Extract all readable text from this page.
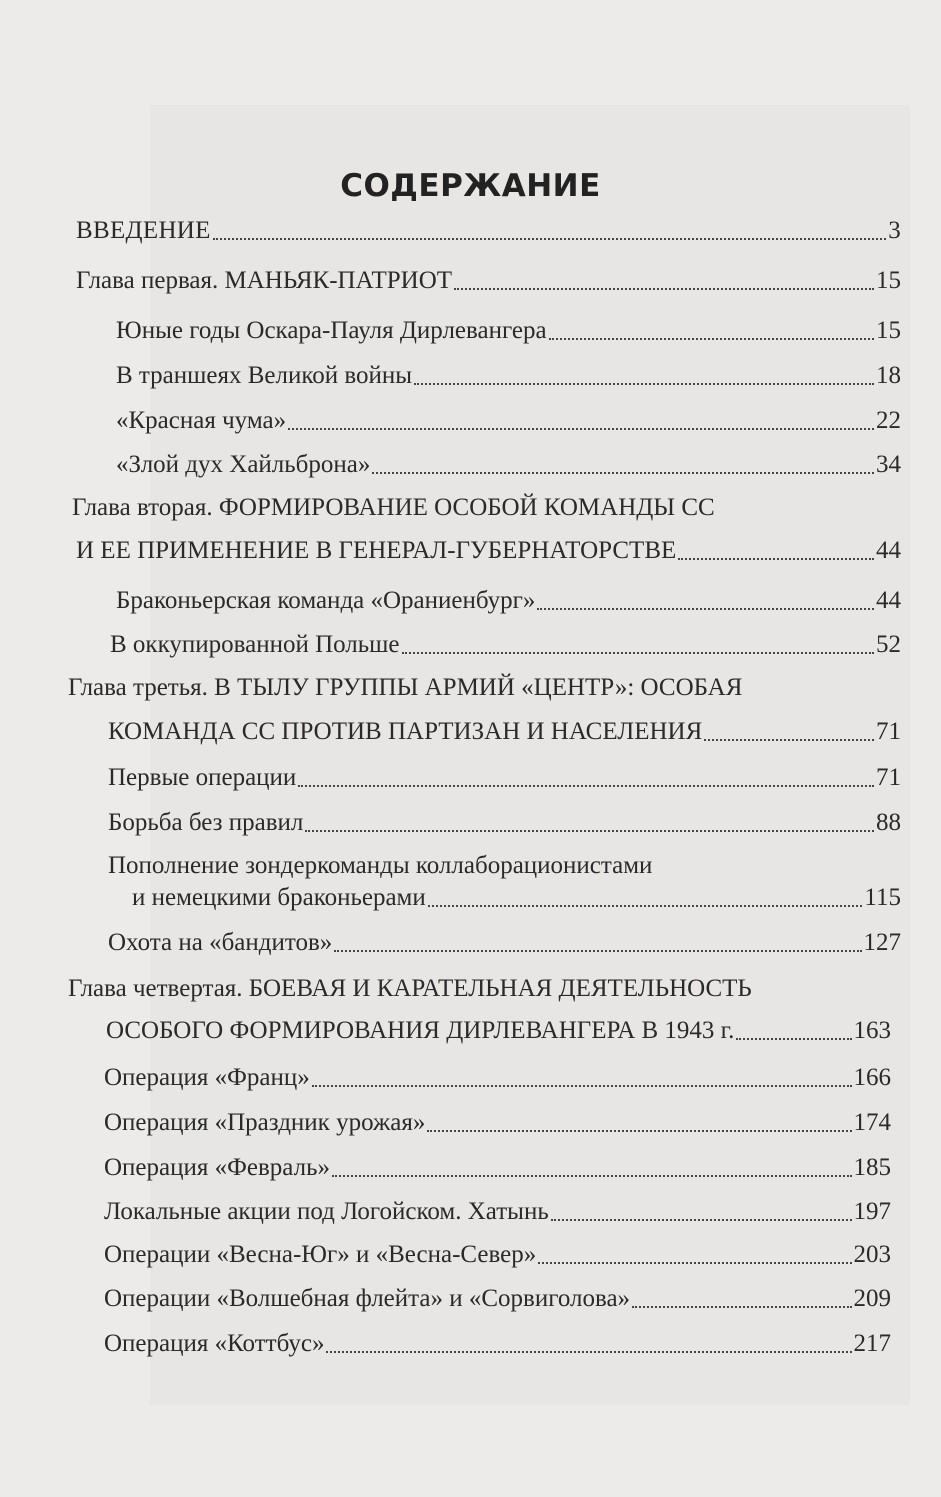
СОДЕРЖАНИЕ
ВВЕДЕНИЕ	3
Глава первая. МАНЬЯК-ПАТРИОТ	15
Юные годы Оскара-Пауля Дирлевангера	15
В траншеях Великой войны	18
«Красная чума»	22
«Злой дух Хайльброна»	34
Глава вторая. ФОРМИРОВАНИЕ ОСОБОЙ КОМАНДЫ СС
И ЕЕ ПРИМЕНЕНИЕ В ГЕНЕРАЛ-ГУБЕРНАТОРСТВЕ	44
Браконьерская команда «Ораниенбург»	44
В оккупированной Польше	52
Глава третья. В ТЫЛУ ГРУППЫ АРМИЙ «ЦЕНТР»: ОСОБАЯ
КОМАНДА СС ПРОТИВ ПАРТИЗАН И НАСЕЛЕНИЯ	71
Первые операции	71
Борьба без правил	88
Пополнение зондеркоманды коллаборационистами
и немецкими браконьерами	115
Охота на «бандитов»	127
Глава четвертая. БОЕВАЯ И КАРАТЕЛЬНАЯ ДЕЯТЕЛЬНОСТЬ
ОСОБОГО ФОРМИРОВАНИЯ ДИРЛЕВАНГЕРА В 1943 г.	163
Операция «Франц»	166
Операция «Праздник урожая»	174
Операция «Февраль»	185
Локальные акции под Логойском. Хатынь	197
Операции «Весна-Юг» и «Весна-Север»	203
Операции «Волшебная флейта» и «Сорвиголова»	209
Операция «Коттбус»	217
